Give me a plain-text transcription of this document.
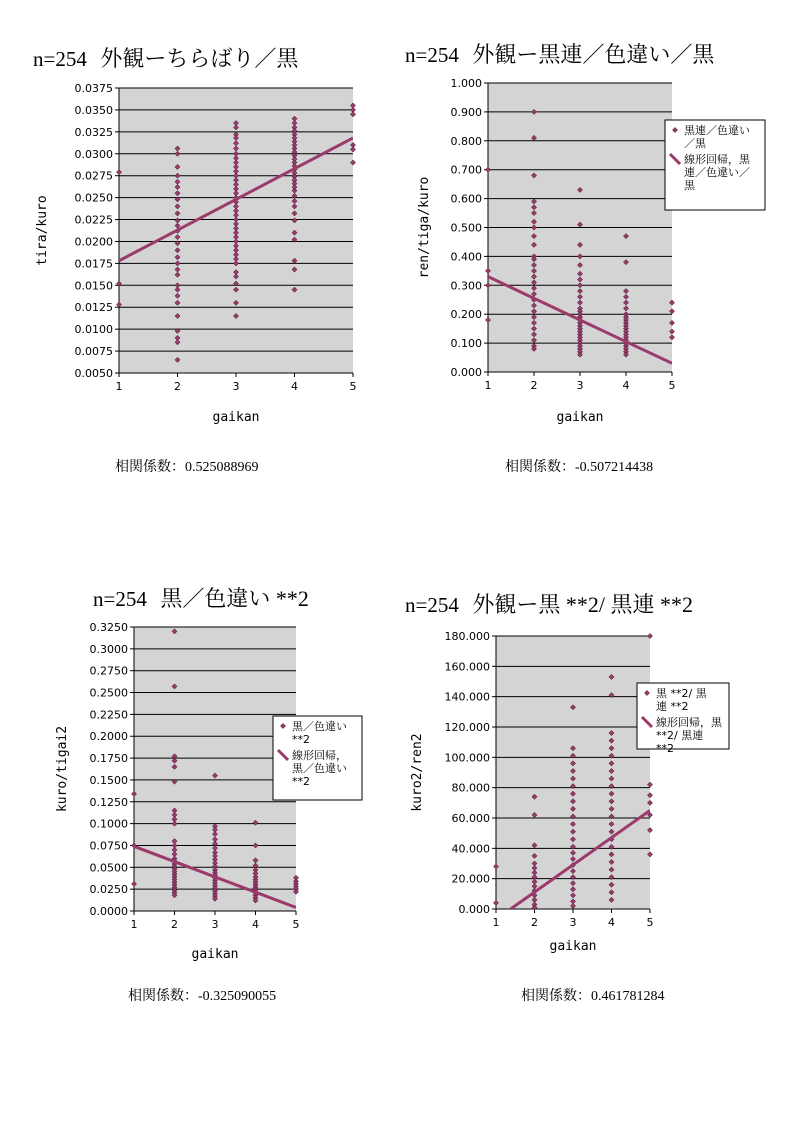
n=254 外観ーちらばり／黒
0.0050
0.0075
0.0100
0.0125
0.0150
0.0175
0.0200
0.0225
0.0250
0.0275
0.0300
0.0325
0.0350
0.0375
1	2	3	4	5
gaikan
tira/kuro
相関係数：0.525088969
n=254 外観ー黒連／色違い／黒
0.000
0.100
0.200
0.300
0.400
0.500
0.600
0.700
0.800
0.900
1.000
1	2	3	4	5
gaikan
ren/tiga/kuro
黒連／色違い
／黒
線形回帰，黒
連／色違い／
黒
相関係数：-0.507214438
n=254 黒／色違い **2
0.0000
0.0250
0.0500
0.0750
0.1000
0.1250
0.1500
0.1750
0.2000
0.2250
0.2500
0.2750
0.3000
0.3250
1	2	3	4	5
gaikan
kuro/tigai2	黒／色違い
**2
線形回帰，
黒／色違い
**2
相関係数：-0.325090055
n=254 外観ー黒 **2/ 黒連 **2
0.000
20.000
40.000
60.000
80.000
100.000
120.000
140.000
160.000
180.000
1	2	3	4	5
gaikan
kuro2/ren2
黒 **2/ 黒
連 **2
線形回帰，黒
**2/ 黒連
**2
相関係数：0.461781284
